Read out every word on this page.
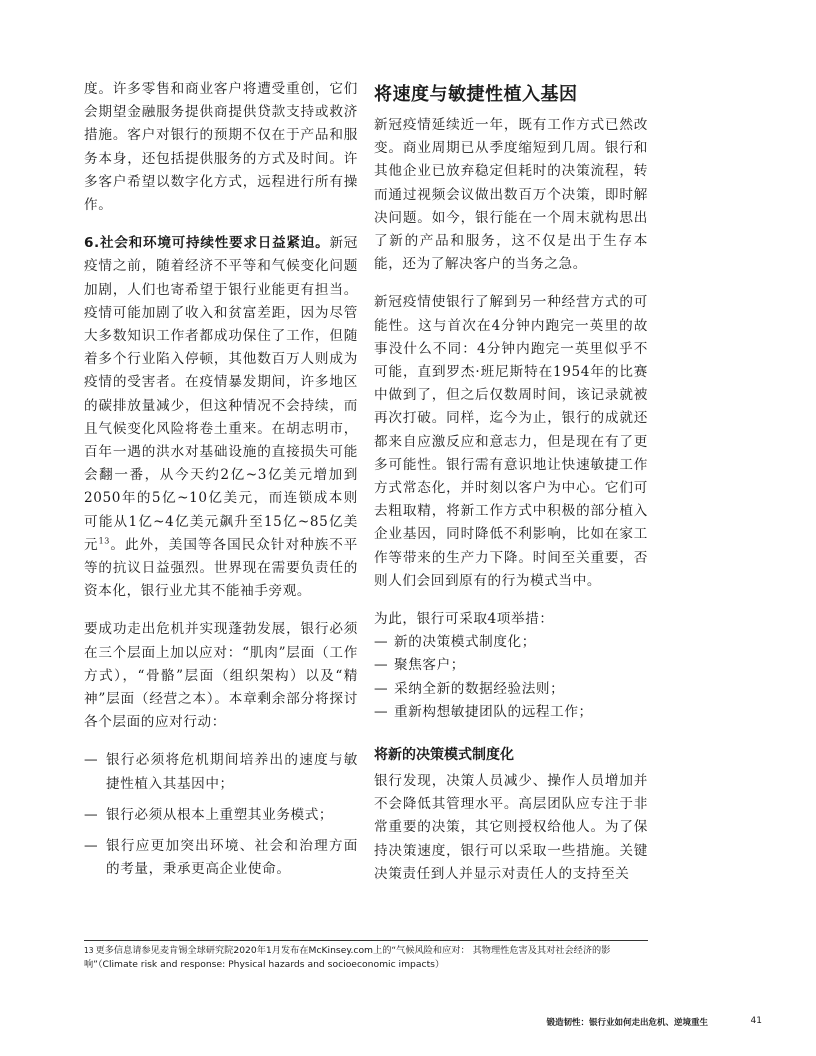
度。许多零售和商业客户将遭受重创，它们会期望金融服务提供商提供贷款支持或救济措施。客户对银行的预期不仅在于产品和服务本身，还包括提供服务的方式及时间。许多客户希望以数字化方式，远程进行所有操作。

6.社会和环境可持续性要求日益紧迫。新冠疫情之前，随着经济不平等和气候变化问题加剧，人们也寄希望于银行业能更有担当。疫情可能加剧了收入和贫富差距，因为尽管大多数知识工作者都成功保住了工作，但随着多个行业陷入停顿，其他数百万人则成为疫情的受害者。在疫情暴发期间，许多地区的碳排放量减少，但这种情况不会持续，而且气候变化风险将卷土重来。在胡志明市，百年一遇的洪水对基础设施的直接损失可能会翻一番，从今天约2亿~3亿美元增加到2050年的5亿~10亿美元，而连锁成本则可能从1亿~4亿美元飙升至15亿~85亿美元$^{13}$。此外，美国等各国民众针对种族不平等的抗议日益强烈。世界现在需要负责任的资本化，银行业尤其不能袖手旁观。

要成功走出危机并实现蓬勃发展，银行必须在三个层面上加以应对：“肌肉”层面（工作方式），“骨骼”层面（组织架构）以及“精神”层面（经营之本）。本章剩余部分将探讨各个层面的应对行动：

— 银行必须将危机期间培养出的速度与敏捷性植入其基因中；
— 银行必须从根本上重塑其业务模式；
— 银行应更加突出环境、社会和治理方面的考量，秉承更高企业使命。
将速度与敏捷性植入基因

新冠疫情延续近一年，既有工作方式已然改变。商业周期已从季度缩短到几周。银行和其他企业已放弃稳定但耗时的决策流程，转而通过视频会议做出数百万个决策，即时解决问题。如今，银行能在一个周末就构思出了新的产品和服务，这不仅是出于生存本能，还为了解决客户的当务之急。

新冠疫情使银行了解到另一种经营方式的可能性。这与首次在4分钟内跑完一英里的故事没什么不同：4分钟内跑完一英里似乎不可能，直到罗杰·班尼斯特在1954年的比赛中做到了，但之后仅数周时间，该记录就被再次打破。同样，迄今为止，银行的成就还都来自应激反应和意志力，但是现在有了更多可能性。银行需有意识地让快速敏捷工作方式常态化，并时刻以客户为中心。它们可去粗取精，将新工作方式中积极的部分植入企业基因，同时降低不利影响，比如在家工作等带来的生产力下降。时间至关重要，否则人们会回到原有的行为模式当中。

为此，银行可采取4项举措：

— 新的决策模式制度化；
— 聚焦客户；
— 采纳全新的数据经验法则；
— 重新构想敏捷团队的远程工作；
将新的决策模式制度化

银行发现，决策人员减少、操作人员增加并不会降低其管理水平。高层团队应专注于非常重要的决策，其它则授权给他人。为了保持决策速度，银行可以采取一些措施。关键决策责任到人并显示对责任人的支持至关

$^{13}$ 更多信息请参见麦肯锡全球研究院2020年1月发布在McKinsey.com上的“气候风险和应对： 其物理性危害及其对社会经济的影响”（Climate risk and response: Physical hazards and socioeconomic impacts）
锻造韧性：银行业如何走出危机、逆境重生	41
